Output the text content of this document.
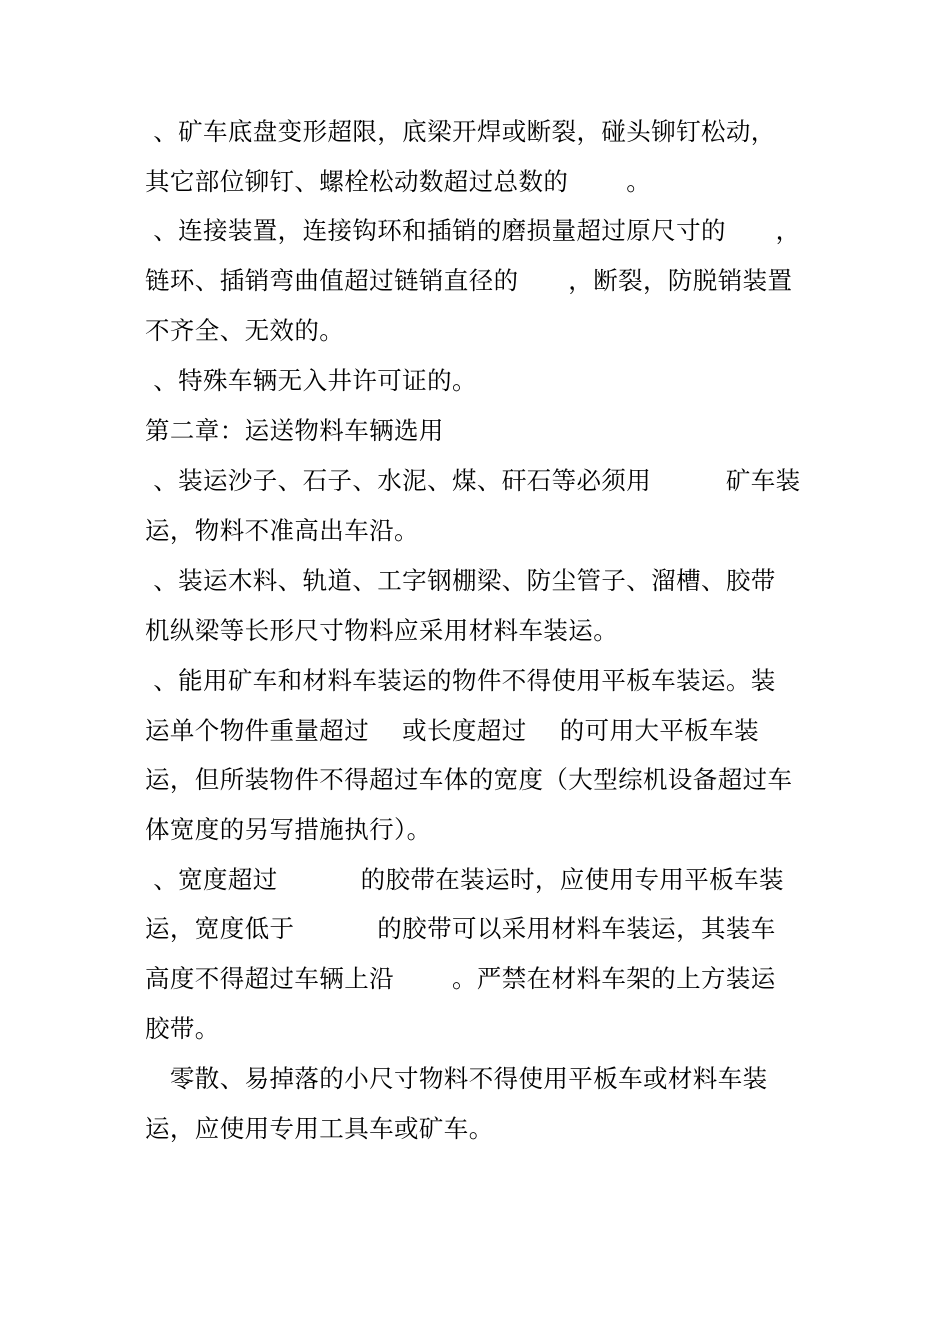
、矿车底盘变形超限，底梁开焊或断裂，碰头铆钉松动，
其它部位铆钉、螺栓松动数超过总数的　　 。
、连接装置，连接钩环和插销的磨损量超过原尺寸的　　，
链环、插销弯曲值超过链销直径的　　，断裂，防脱销装置
不齐全、无效的。
、特殊车辆无入井许可证的。
第二章：运送物料车辆选用
、装运沙子、石子、水泥、煤、矸石等必须用　　　矿车装
运，物料不准高出车沿。
、装运木料、轨道、工字钢棚梁、防尘管子、溜槽、胶带
机纵梁等长形尺寸物料应采用材料车装运。
、能用矿车和材料车装运的物件不得使用平板车装运。装
运单个物件重量超过　 或长度超过　 的可用大平板车装
运，但所装物件不得超过车体的宽度（大型综机设备超过车
体宽度的另写措施执行）。
、宽度超过　　　 的胶带在装运时，应使用专用平板车装
运，宽度低于　　　 的胶带可以采用材料车装运，其装车
高度不得超过车辆上沿　　 。严禁在材料车架的上方装运
胶带。
　零散、易掉落的小尺寸物料不得使用平板车或材料车装
运，应使用专用工具车或矿车。
